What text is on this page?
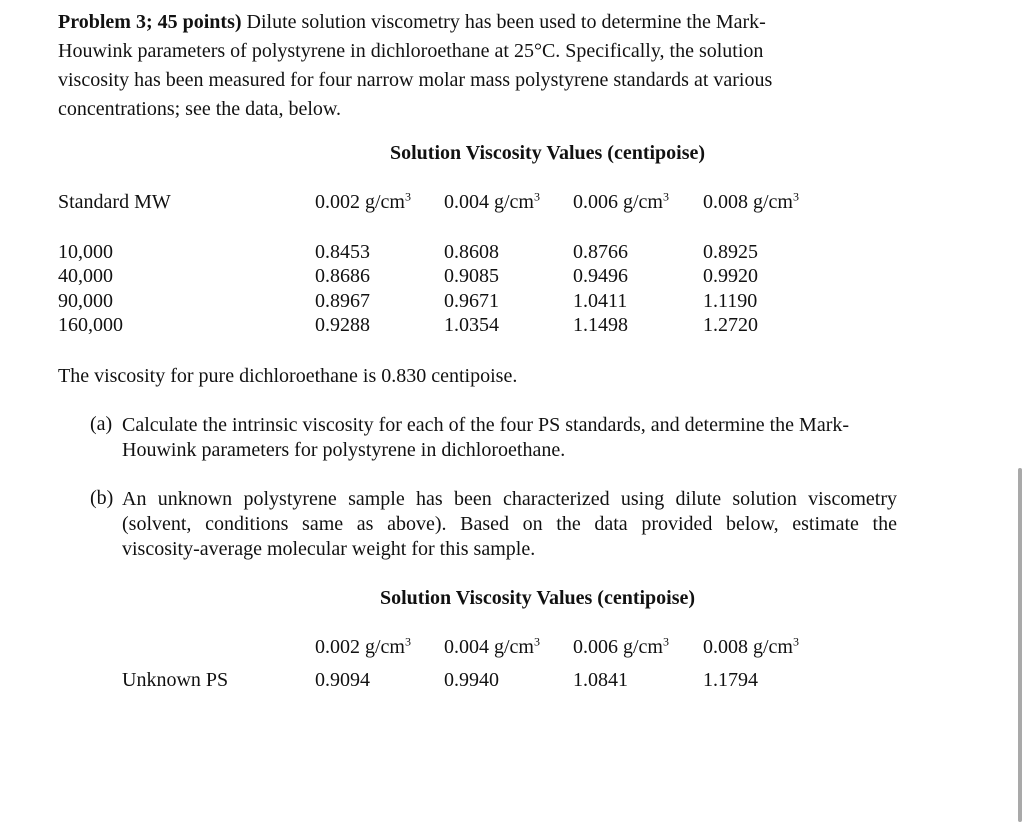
Problem 3; 45 points) Dilute solution viscometry has been used to determine the Mark-
Houwink parameters of polystyrene in dichloroethane at 25°C. Specifically, the solution
viscosity has been measured for four narrow molar mass polystyrene standards at various
concentrations; see the data, below.
Solution Viscosity Values (centipoise)
Standard MW	0.002 $g/cm^3$ 0.004 $g/cm^3$ 0.006 $g/cm^3$ 0.008 $g/cm^3$
10,000	0.8453	0.8608	0.8766	0.8925
40,000	0.8686	0.9085	0.9496	0.9920
90,000	0.8967	0.9671	1.0411	1.1190
160,000	0.9288	1.0354	1.1498	1.2720
The viscosity for pure dichloroethane is 0.830 centipoise.
(a) Calculate the intrinsic viscosity for each of the four PS standards, and determine the Mark-
Houwink parameters for polystyrene in dichloroethane.
(b) An unknown polystyrene sample has been characterized using dilute solution viscometry
(solvent, conditions same as above). Based on the data provided below, estimate the
viscosity-average molecular weight for this sample.
Solution Viscosity Values (centipoise)
0.002 $g/cm^3$ 0.004 $g/cm^3$ 0.006 $g/cm^3$ 0.008 $g/cm^3$
Unknown PS	0.9094	0.9940	1.0841	1.1794
